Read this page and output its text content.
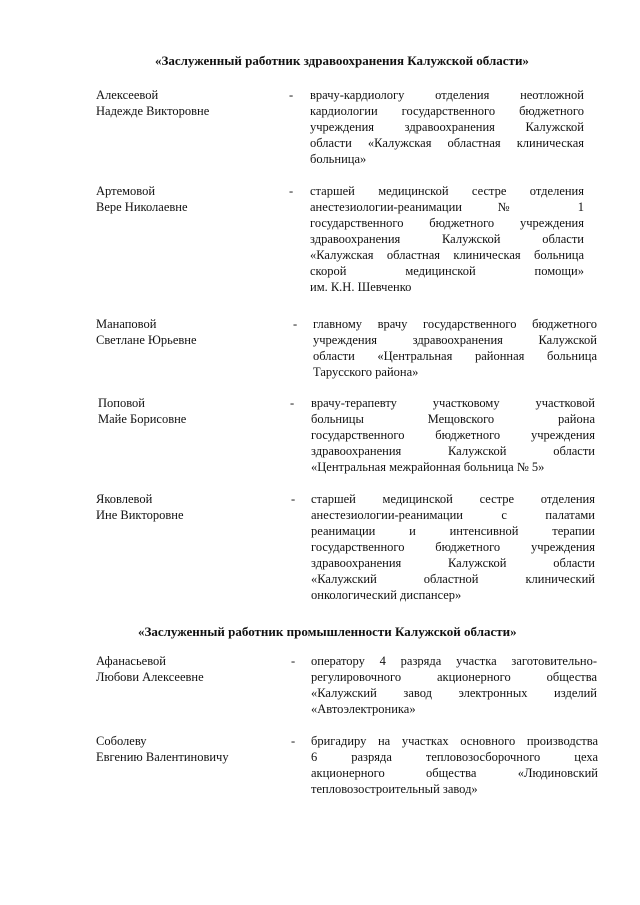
«Заслуженный работник здравоохранения Калужской области»
Алексеевой
Надежде Викторовне
- врачу-кардиологу отделения неотложной
кардиологии государственного бюджетного
учреждения здравоохранения Калужской
области «Калужская областная клиническая
больница»
Артемовой
Вере Николаевне
- старшей медицинской сестре отделения
анестезиологии-реанимации № 1
государственного бюджетного учреждения
здравоохранения Калужской области
«Калужская областная клиническая больница
скорой медицинской помощи»
им. К.Н. Шевченко
Манаповой
Светлане Юрьевне
- главному врачу государственного бюджетного
учреждения здравоохранения Калужской
области «Центральная районная больница
Тарусского района»
Поповой
Майе Борисовне
- врачу-терапевту участковому участковой
больницы Мещовского района
государственного бюджетного учреждения
здравоохранения Калужской области
«Центральная межрайонная больница № 5»
Яковлевой
Ине Викторовне
- старшей медицинской сестре отделения
анестезиологии-реанимации с палатами
реанимации и интенсивной терапии
государственного бюджетного учреждения
здравоохранения Калужской области
«Калужский областной клинический
онкологический диспансер»
«Заслуженный работник промышленности Калужской области»
Афанасьевой
Любови Алексеевне
- оператору 4 разряда участка заготовительно-
регулировочного акционерного общества
«Калужский завод электронных изделий
«Автоэлектроника»
Соболеву
Евгению Валентиновичу
- бригадиру на участках основного производства
6 разряда тепловозосборочного цеха
акционерного общества «Людиновский
тепловозостроительный завод»
